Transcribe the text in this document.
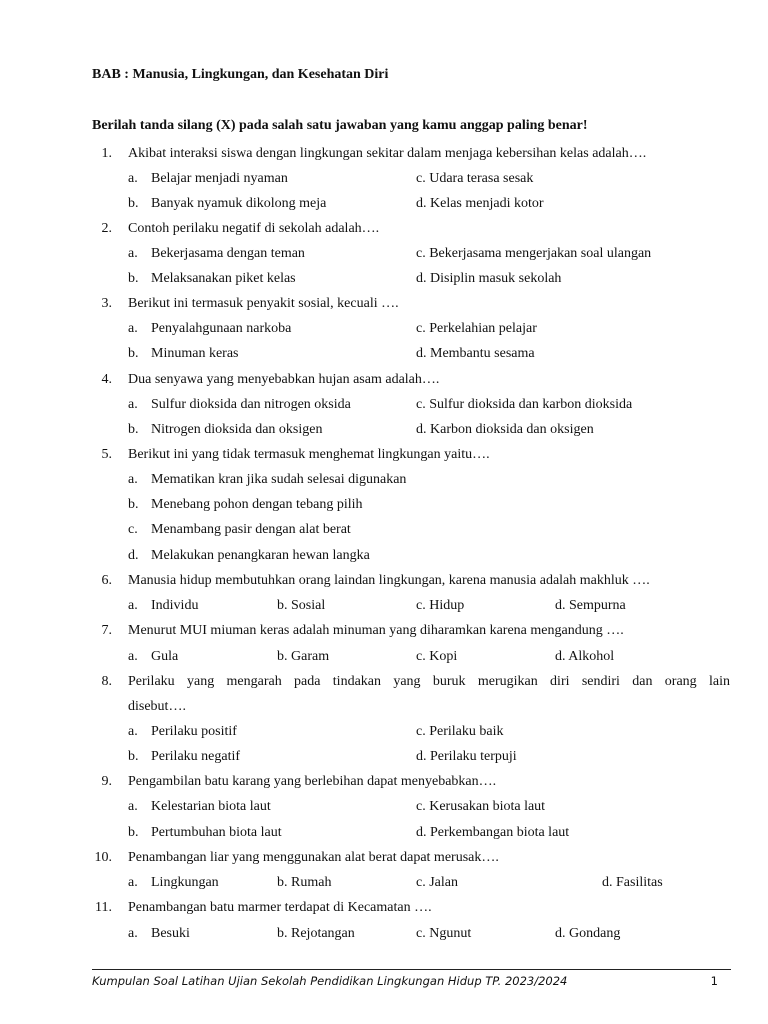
BAB : Manusia, Lingkungan, dan Kesehatan Diri
Berilah tanda silang (X) pada salah satu jawaban yang kamu anggap paling benar!
1. Akibat interaksi siswa dengan lingkungan sekitar dalam menjaga kebersihan kelas adalah….
a. Belajar menjadi nyaman	c. Udara terasa sesak
b. Banyak nyamuk dikolong meja	d. Kelas menjadi kotor
2. Contoh perilaku negatif di sekolah adalah….
a. Bekerjasama dengan teman	c. Bekerjasama mengerjakan soal ulangan
b. Melaksanakan piket kelas	d. Disiplin masuk sekolah
3. Berikut ini termasuk penyakit sosial, kecuali ….
a. Penyalahgunaan narkoba	c. Perkelahian pelajar
b. Minuman keras	d. Membantu sesama
4. Dua senyawa yang menyebabkan hujan asam adalah….
a. Sulfur dioksida dan nitrogen oksida	c. Sulfur dioksida dan karbon dioksida
b. Nitrogen dioksida dan oksigen	d. Karbon dioksida dan oksigen
5. Berikut ini yang tidak termasuk menghemat lingkungan yaitu….
a. Mematikan kran jika sudah selesai digunakan
b. Menebang pohon dengan tebang pilih
c. Menambang pasir dengan alat berat
d. Melakukan penangkaran hewan langka
6. Manusia hidup membutuhkan orang laindan lingkungan, karena manusia adalah makhluk ….
a. Individu	b. Sosial	c. Hidup	d. Sempurna
7. Menurut MUI miuman keras adalah minuman yang diharamkan karena mengandung ….
a. Gula	b. Garam	c. Kopi	d. Alkohol
8. Perilaku yang mengarah pada tindakan yang buruk merugikan diri sendiri dan orang lain
disebut….
a. Perilaku positif	c. Perilaku baik
b. Perilaku negatif	d. Perilaku terpuji
9. Pengambilan batu karang yang berlebihan dapat menyebabkan….
a. Kelestarian biota laut	c. Kerusakan biota laut
b. Pertumbuhan biota laut	d. Perkembangan biota laut
10. Penambangan liar yang menggunakan alat berat dapat merusak….
a. Lingkungan	b. Rumah	c. Jalan	d. Fasilitas
11. Penambangan batu marmer terdapat di Kecamatan ….
a. Besuki	b. Rejotangan	c. Ngunut	d. Gondang
Kumpulan Soal Latihan Ujian Sekolah Pendidikan Lingkungan Hidup TP. 2023/2024	1
